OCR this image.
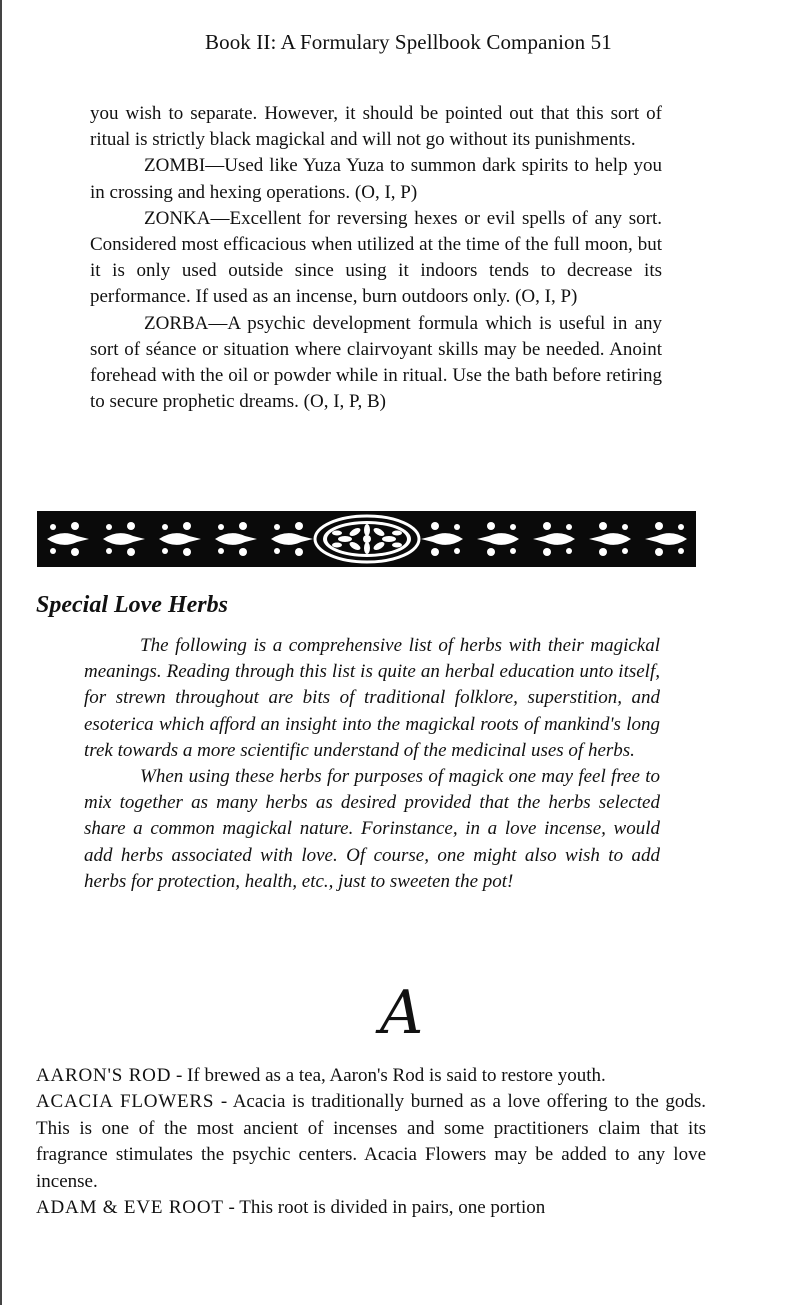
Book II: A Formulary Spellbook Companion 51

you wish to separate. However, it should be pointed out that this sort of ritual is strictly black magickal and will not go without its punishments.

ZOMBI—Used like Yuza Yuza to summon dark spirits to help you in crossing and hexing operations. (O, I, P)

ZONKA—Excellent for reversing hexes or evil spells of any sort. Considered most efficacious when utilized at the time of the full moon, but it is only used outside since using it indoors tends to decrease its performance. If used as an incense, burn outdoors only. (O, I, P)

ZORBA—A psychic development formula which is useful in any sort of séance or situation where clairvoyant skills may be needed. Anoint forehead with the oil or powder while in ritual. Use the bath before retiring to secure prophetic dreams. (O, I, P, B)

Special Love Herbs

The following is a comprehensive list of herbs with their magickal meanings. Reading through this list is quite an herbal education unto itself, for strewn throughout are bits of traditional folklore, superstition, and esoterica which afford an insight into the magickal roots of mankind's long trek towards a more scientific understand of the medicinal uses of herbs.

When using these herbs for purposes of magick one may feel free to mix together as many herbs as desired provided that the herbs selected share a common magickal nature. Forinstance, in a love incense, would add herbs associated with love. Of course, one might also wish to add herbs for protection, health, etc., just to sweeten the pot!

A

AARON'S ROD - If brewed as a tea, Aaron's Rod is said to restore youth.

ACACIA FLOWERS - Acacia is traditionally burned as a love offering to the gods. This is one of the most ancient of incenses and some practitioners claim that its fragrance stimulates the psychic centers. Acacia Flowers may be added to any love incense.

ADAM & EVE ROOT - This root is divided in pairs, one portion
